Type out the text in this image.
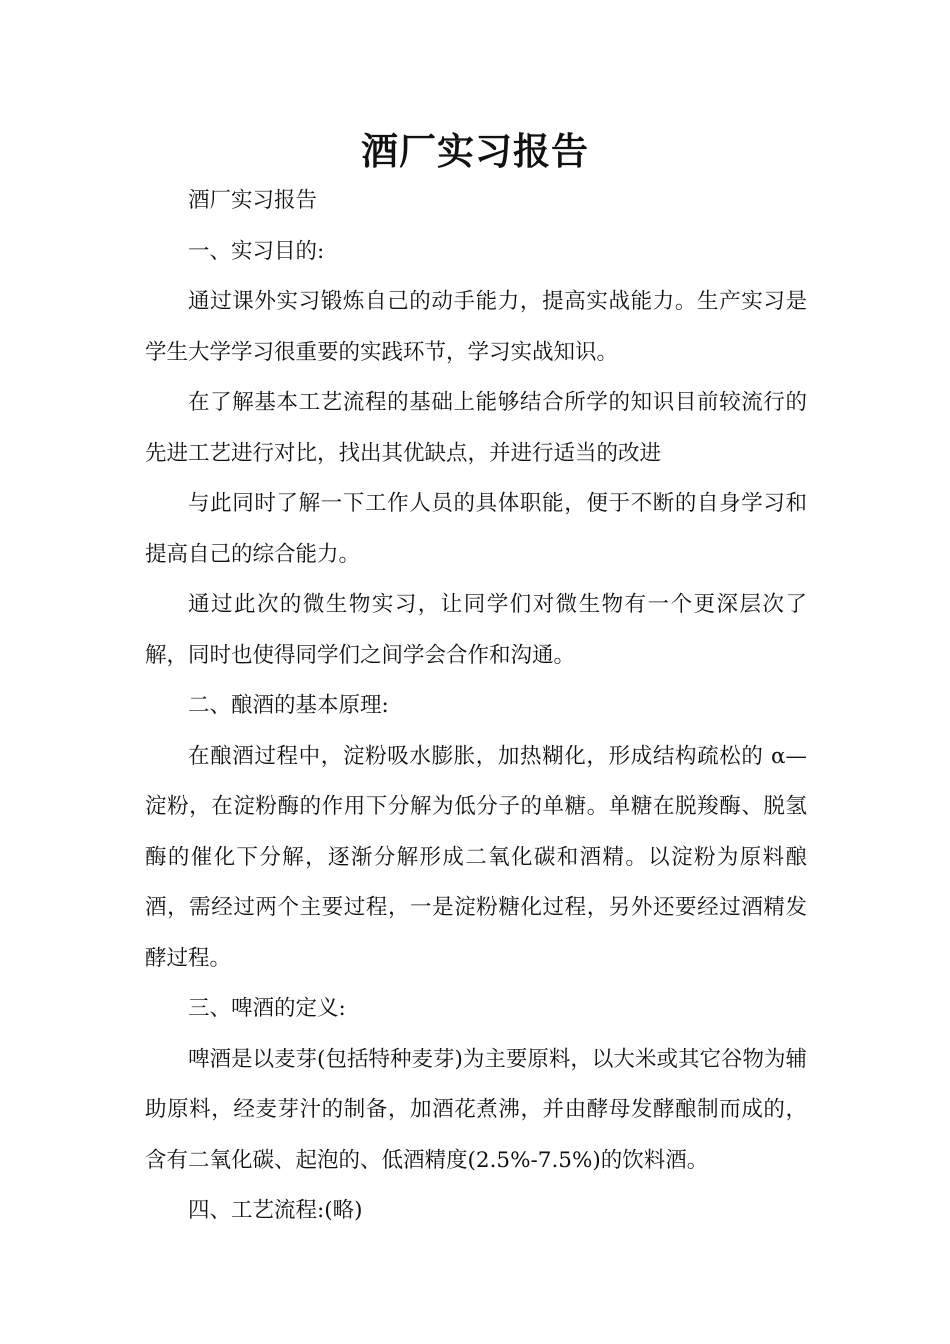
酒厂实习报告

酒厂实习报告

一、实习目的:

通过课外实习锻炼自己的动手能力，提高实战能力。生产实习是学生大学学习很重要的实践环节，学习实战知识。

在了解基本工艺流程的基础上能够结合所学的知识目前较流行的先进工艺进行对比，找出其优缺点，并进行适当的改进

与此同时了解一下工作人员的具体职能，便于不断的自身学习和提高自己的综合能力。

通过此次的微生物实习，让同学们对微生物有一个更深层次了解，同时也使得同学们之间学会合作和沟通。

二、酿酒的基本原理:

在酿酒过程中，淀粉吸水膨胀，加热糊化，形成结构疏松的 α—淀粉，在淀粉酶的作用下分解为低分子的单糖。单糖在脱羧酶、脱氢酶的催化下分解，逐渐分解形成二氧化碳和酒精。以淀粉为原料酿酒，需经过两个主要过程，一是淀粉糖化过程，另外还要经过酒精发酵过程。

三、啤酒的定义:

啤酒是以麦芽(包括特种麦芽)为主要原料，以大米或其它谷物为辅助原料，经麦芽汁的制备，加酒花煮沸，并由酵母发酵酿制而成的，含有二氧化碳、起泡的、低酒精度(2.5%-7.5%)的饮料酒。

四、工艺流程:(略)
